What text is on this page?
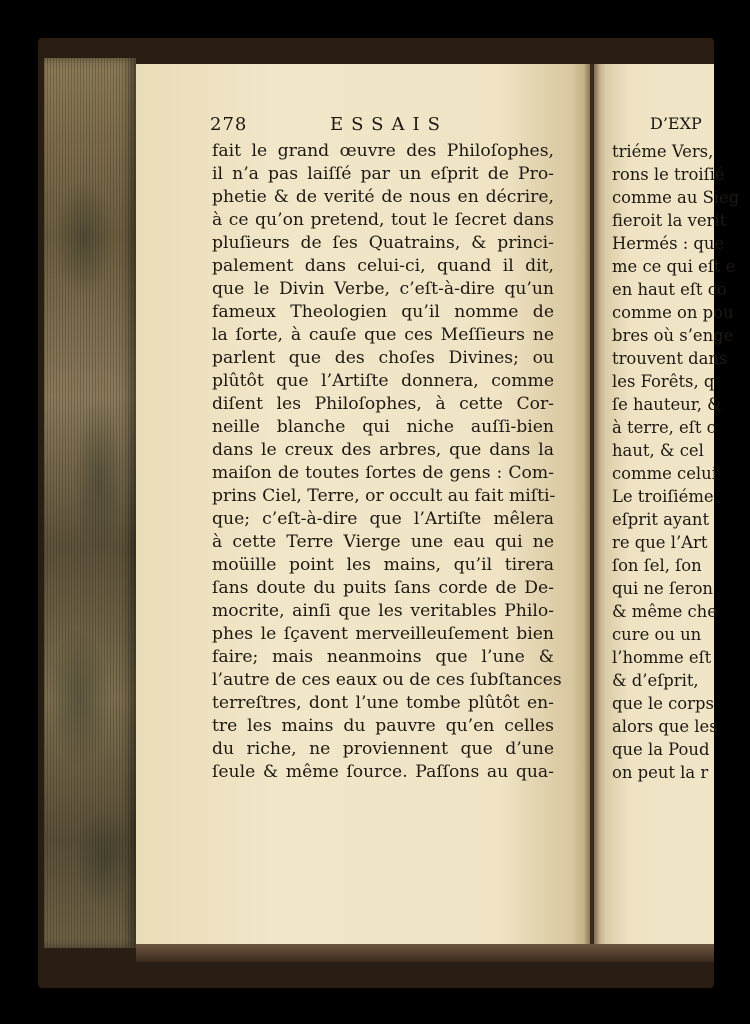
278	ESSAIS
fait le grand œuvre des Philoſophes,
il n’a pas laiſſé par un eſprit de Pro-
phetie & de verité de nous en décrire,
à ce qu’on pretend, tout le ſecret dans
pluſieurs de ſes Quatrains, & princi-
palement dans celui-ci, quand il dit,
que le Divin Verbe, c’eſt-à-dire qu’un
fameux Theologien qu’il nomme de
la ſorte, à cauſe que ces Meſſieurs ne
parlent que des choſes Divines; ou
plûtôt que l’Artiſte donnera, comme
diſent les Philoſophes, à cette Cor-
neille blanche qui niche auſſi-bien
dans le creux des arbres, que dans la
maiſon de toutes ſortes de gens : Com-
prins Ciel, Terre, or occult au fait miſti-
que; c’eſt-à-dire que l’Artiſte mêlera
à cette Terre Vierge une eau qui ne
moüille point les mains, qu’il tirera
ſans doute du puits ſans corde de De-
mocrite, ainſi que les veritables Philo-
phes le ſçavent merveilleuſement bien
faire; mais neanmoins que l’une &
l’autre de ces eaux ou de ces ſubſtances
terreſtres, dont l’une tombe plûtôt en-
tre les mains du pauvre qu’en celles
du riche, ne proviennent que d’une
ſeule & même ſource. Paſſons au qua-
D’EXP
triéme Vers,
rons le troiſié
comme au Sieg
fieroit la verit
Hermés : que
me ce qui eſt e
en haut eſt co
comme on pou
bres où s’enge
trouvent dans
les Forêts, q
ſe hauteur, &
à terre, eſt c
haut, & cel
comme celui
Le troiſiéme
eſprit ayant
re que l’Art
ſon ſel, ſon
qui ne ſeron
& même che
cure ou un
l’homme eſt
& d’eſprit,
que le corps
alors que les
que la Poud
on peut la r
